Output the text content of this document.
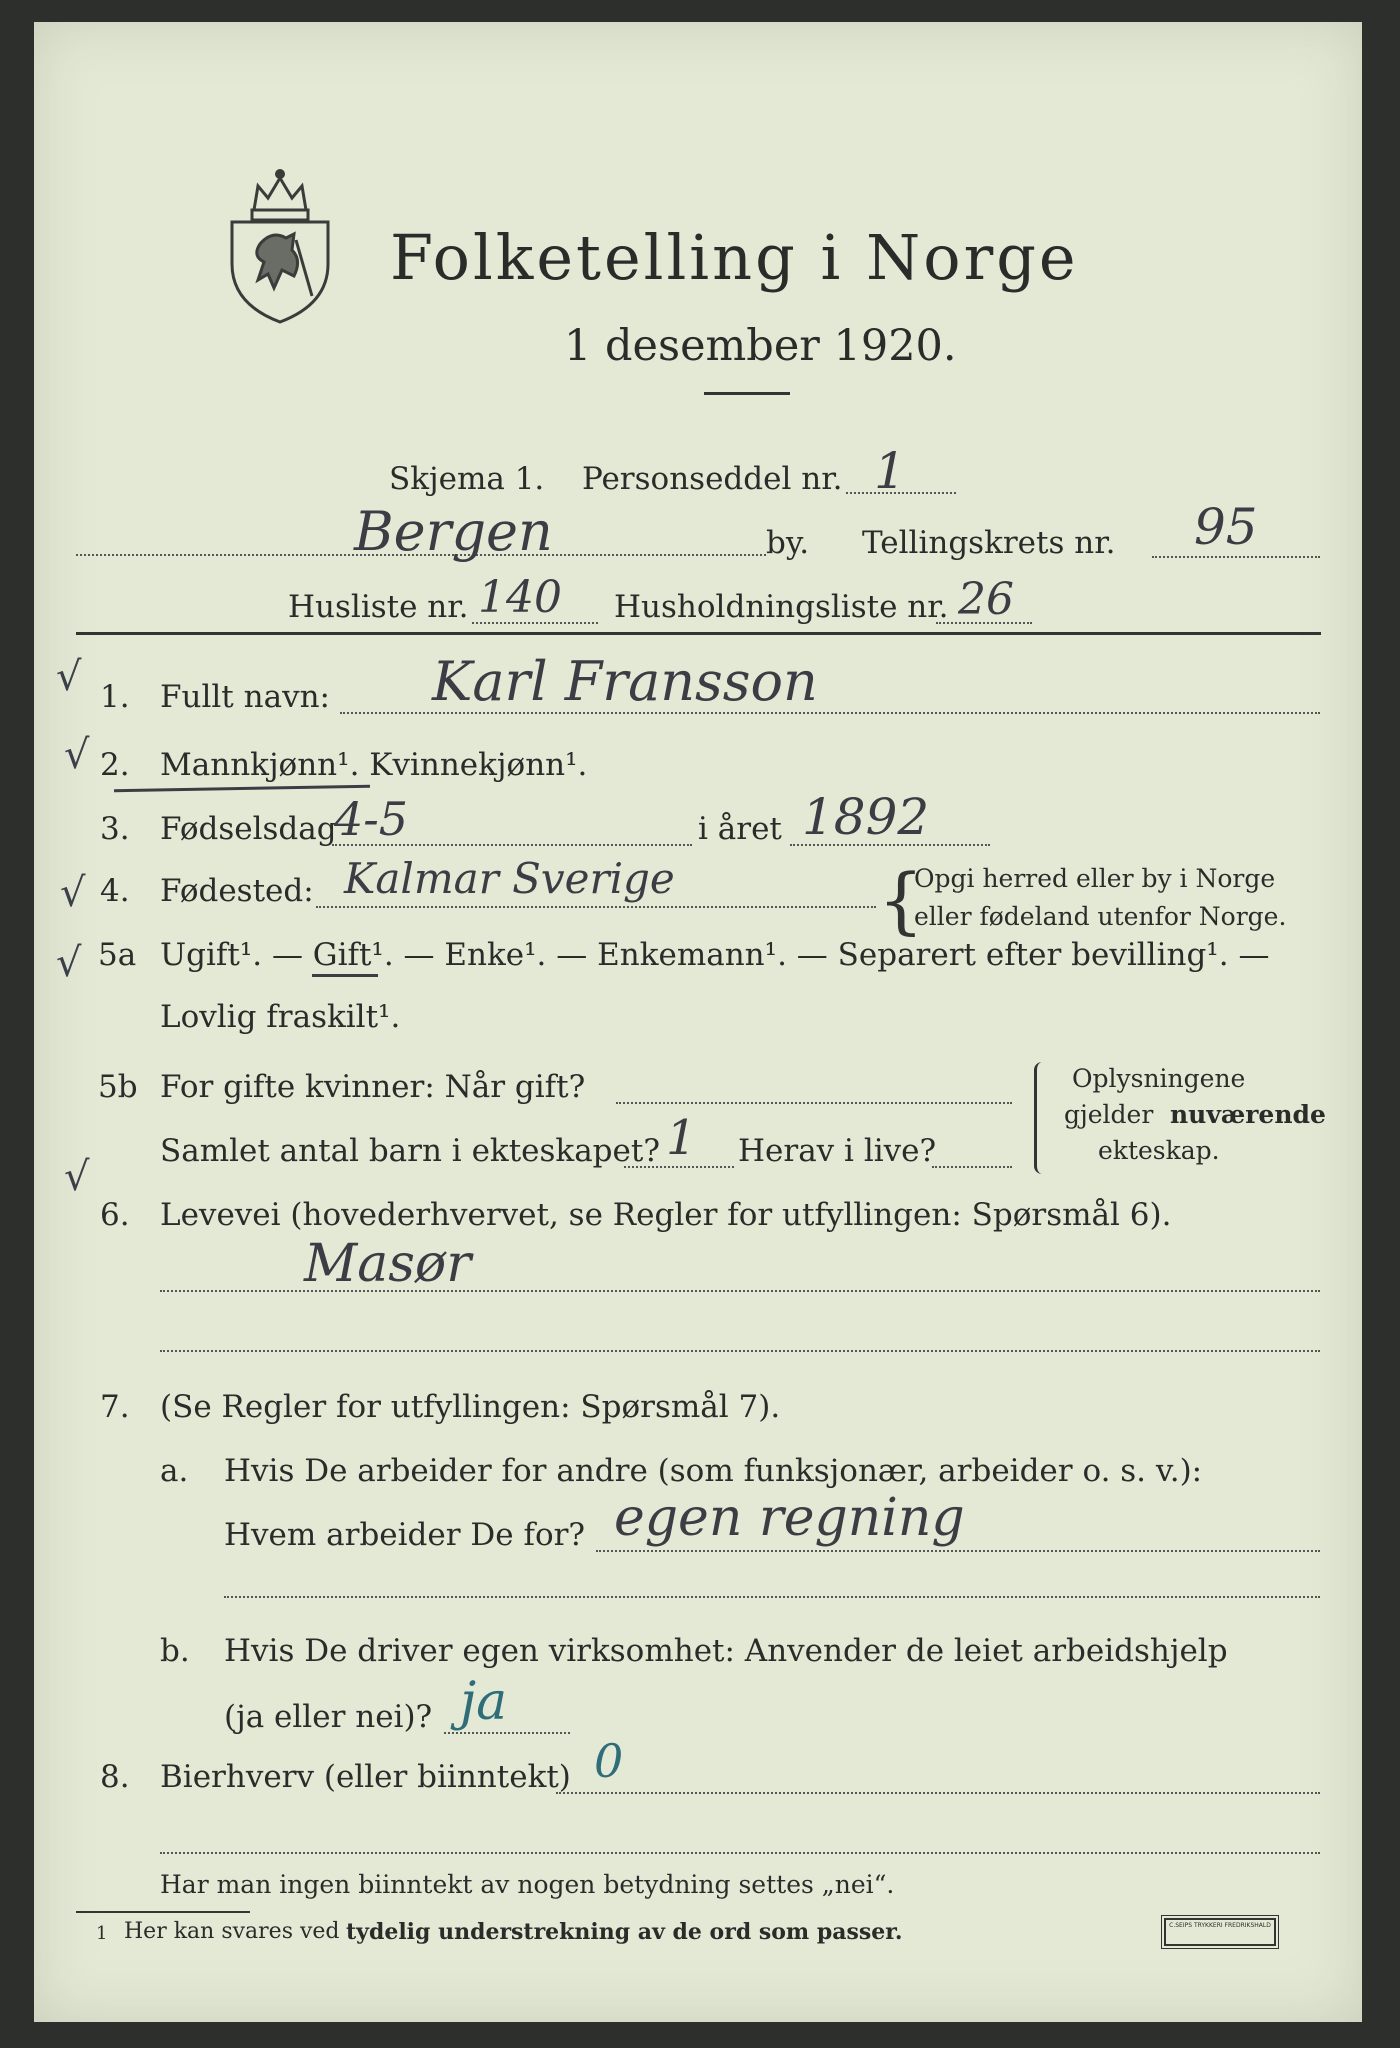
Folketelling i Norge
1 desember 1920.
Skjema 1. Personseddel nr. 1
Bergen	by. Tellingskrets nr. 95
Husliste nr. 140 Husholdningsliste nr. 26
√
√
√
√
√
1. Fullt navn: Karl Fransson
2. Mannkjønn¹. Kvinnekjønn¹.
3. Fødselsdag
4-5	i året 1892
4. Fødested: Kalmar Sverige	{
Opgi herred eller by i Norge
eller fødeland utenfor Norge.
5a Ugift¹. — Gift¹. — Enke¹. — Enkemann¹. — Separert efter bevilling¹. —
Lovlig fraskilt¹.
5b For gifte kvinner: Når gift?
Samlet antal barn i ekteskapet? 1 Herav i live?
Oplysningene
gjelder nuværende
ekteskap.
6. Levevei (hovederhvervet, se Regler for utfyllingen: Spørsmål 6).
Masør
7. (Se Regler for utfyllingen: Spørsmål 7).
a. Hvis De arbeider for andre (som funksjonær, arbeider o. s. v.):
Hvem arbeider De for? egen regning
b. Hvis De driver egen virksomhet: Anvender de leiet arbeidshjelp
(ja eller nei)? ja
8. Bierhverv (eller biinntekt) 0
Har man ingen biinntekt av nogen betydning settes „nei“.
1 Her kan svares ved tydelig understrekning av de ord som passer.	C.SEIPS TRYKKERI FREDRIKSHALD
